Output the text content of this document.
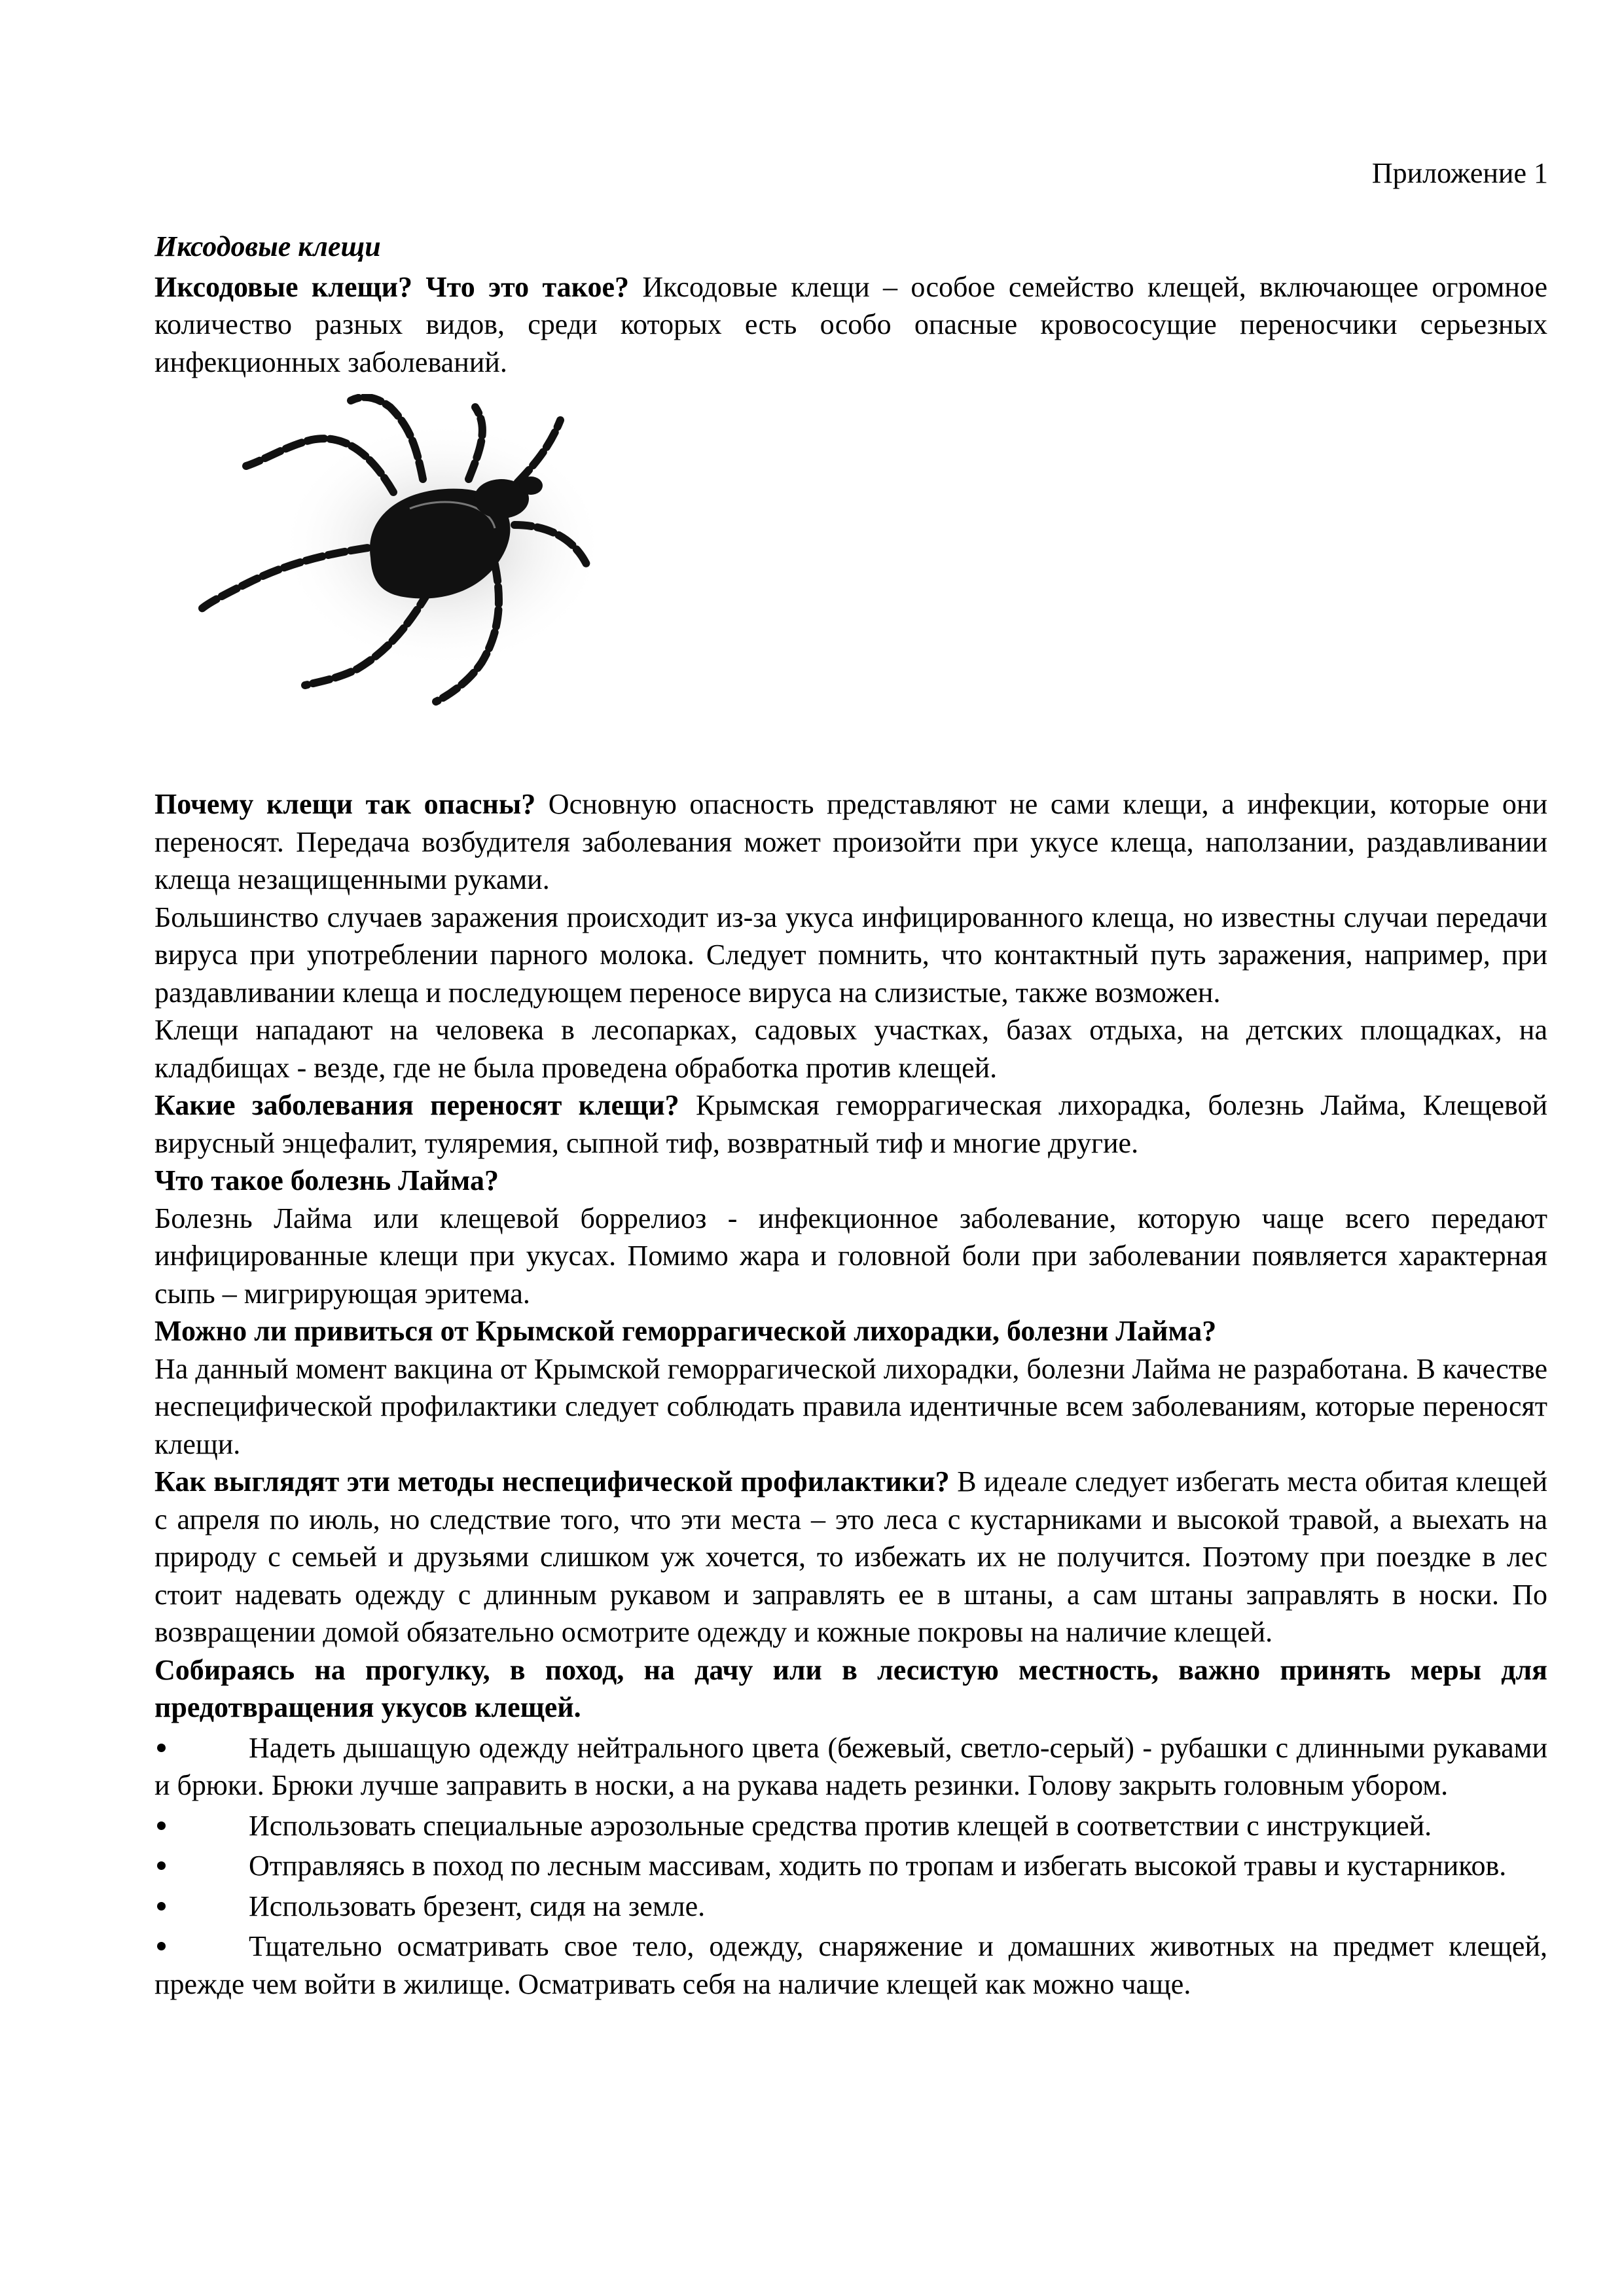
Приложение 1

Иксодовые клещи

Иксодовые клещи? Что это такое? Иксодовые клещи – особое семейство клещей, включающее огромное количество разных видов, среди которых есть особо опасные кровососущие переносчики серьезных инфекционных заболеваний.

Почему клещи так опасны? Основную опасность представляют не сами клещи, а инфекции, которые они переносят. Передача возбудителя заболевания может произойти при укусе клеща, наползании, раздавливании клеща незащищенными руками.

Большинство случаев заражения происходит из-за укуса инфицированного клеща, но известны случаи передачи вируса при употреблении парного молока. Следует помнить, что контактный путь заражения, например, при раздавливании клеща и последующем переносе вируса на слизистые, также возможен.

Клещи нападают на человека в лесопарках, садовых участках, базах отдыха, на детских площадках, на кладбищах - везде, где не была проведена обработка против клещей.

Какие заболевания переносят клещи? Крымская геморрагическая лихорадка, болезнь Лайма, Клещевой вирусный энцефалит, туляремия, сыпной тиф, возвратный тиф и многие другие.

Что такое болезнь Лайма?

Болезнь Лайма или клещевой боррелиоз - инфекционное заболевание, которую чаще всего передают инфицированные клещи при укусах. Помимо жара и головной боли при заболевании появляется характерная сыпь – мигрирующая эритема.

Можно ли привиться от Крымской геморрагической лихорадки, болезни Лайма?

На данный момент вакцина от Крымской геморрагической лихорадки, болезни Лайма не разработана. В качестве неспецифической профилактики следует соблюдать правила идентичные всем заболеваниям, которые переносят клещи.

Как выглядят эти методы неспецифической профилактики? В идеале следует избегать места обитая клещей с апреля по июль, но следствие того, что эти места – это леса с кустарниками и высокой травой, а выехать на природу с семьей и друзьями слишком уж хочется, то избежать их не получится. Поэтому при поездке в лес стоит надевать одежду с длинным рукавом и заправлять ее в штаны, а сам штаны заправлять в носки. По возвращении домой обязательно осмотрите одежду и кожные покровы на наличие клещей.

Собираясь на прогулку, в поход, на дачу или в лесистую местность, важно принять меры для предотвращения укусов клещей.

Надеть дышащую одежду нейтрального цвета (бежевый, светло-серый) - рубашки с длинными рукавами и брюки. Брюки лучше заправить в носки, а на рукава надеть резинки. Голову закрыть головным убором.

Использовать специальные аэрозольные средства против клещей в соответствии с инструкцией.

Отправляясь в поход по лесным массивам, ходить по тропам и избегать высокой травы и кустарников.

Использовать брезент, сидя на земле.

Тщательно осматривать свое тело, одежду, снаряжение и домашних животных на предмет клещей, прежде чем войти в жилище. Осматривать себя на наличие клещей как можно чаще.
